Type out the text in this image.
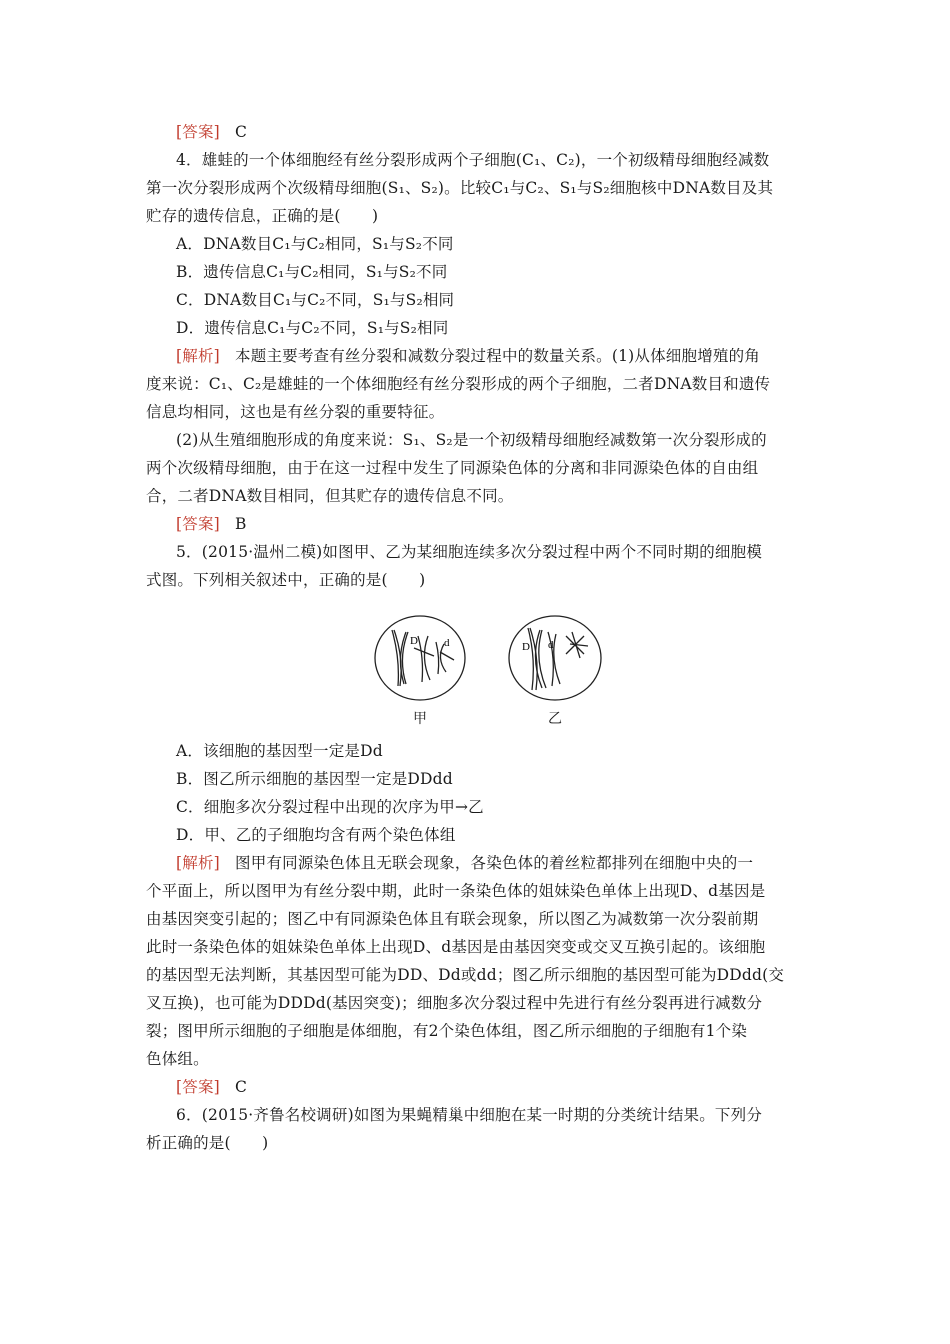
[答案] C
4．雄蛙的一个体细胞经有丝分裂形成两个子细胞(C₁、C₂)，一个初级精母细胞经减数
第一次分裂形成两个次级精母细胞(S₁、S₂)。比较C₁与C₂、S₁与S₂细胞核中DNA数目及其
贮存的遗传信息，正确的是(　　)
A．DNA数目C₁与C₂相同，S₁与S₂不同
B．遗传信息C₁与C₂相同，S₁与S₂不同
C．DNA数目C₁与C₂不同，S₁与S₂相同
D．遗传信息C₁与C₂不同，S₁与S₂相同
[解析] 本题主要考查有丝分裂和减数分裂过程中的数量关系。(1)从体细胞增殖的角
度来说：C₁、C₂是雄蛙的一个体细胞经有丝分裂形成的两个子细胞，二者DNA数目和遗传
信息均相同，这也是有丝分裂的重要特征。
(2)从生殖细胞形成的角度来说：S₁、S₂是一个初级精母细胞经减数第一次分裂形成的
两个次级精母细胞，由于在这一过程中发生了同源染色体的分离和非同源染色体的自由组
合，二者DNA数目相同，但其贮存的遗传信息不同。
[答案] B
5．(2015·温州二模)如图甲、乙为某细胞连续多次分裂过程中两个不同时期的细胞模
式图。下列相关叙述中，正确的是(　　)
D d	D d
甲	乙
A．该细胞的基因型一定是Dd
B．图乙所示细胞的基因型一定是DDdd
C．细胞多次分裂过程中出现的次序为甲→乙
D．甲、乙的子细胞均含有两个染色体组
[解析] 图甲有同源染色体且无联会现象，各染色体的着丝粒都排列在细胞中央的一
个平面上，所以图甲为有丝分裂中期，此时一条染色体的姐妹染色单体上出现D、d基因是
由基因突变引起的；图乙中有同源染色体且有联会现象，所以图乙为减数第一次分裂前期
此时一条染色体的姐妹染色单体上出现D、d基因是由基因突变或交叉互换引起的。该细胞
的基因型无法判断，其基因型可能为DD、Dd或dd；图乙所示细胞的基因型可能为DDdd(交
叉互换)，也可能为DDDd(基因突变)；细胞多次分裂过程中先进行有丝分裂再进行减数分
裂；图甲所示细胞的子细胞是体细胞，有2个染色体组，图乙所示细胞的子细胞有1个染
色体组。
[答案] C
6．(2015·齐鲁名校调研)如图为果蝇精巢中细胞在某一时期的分类统计结果。下列分
析正确的是(　　)
